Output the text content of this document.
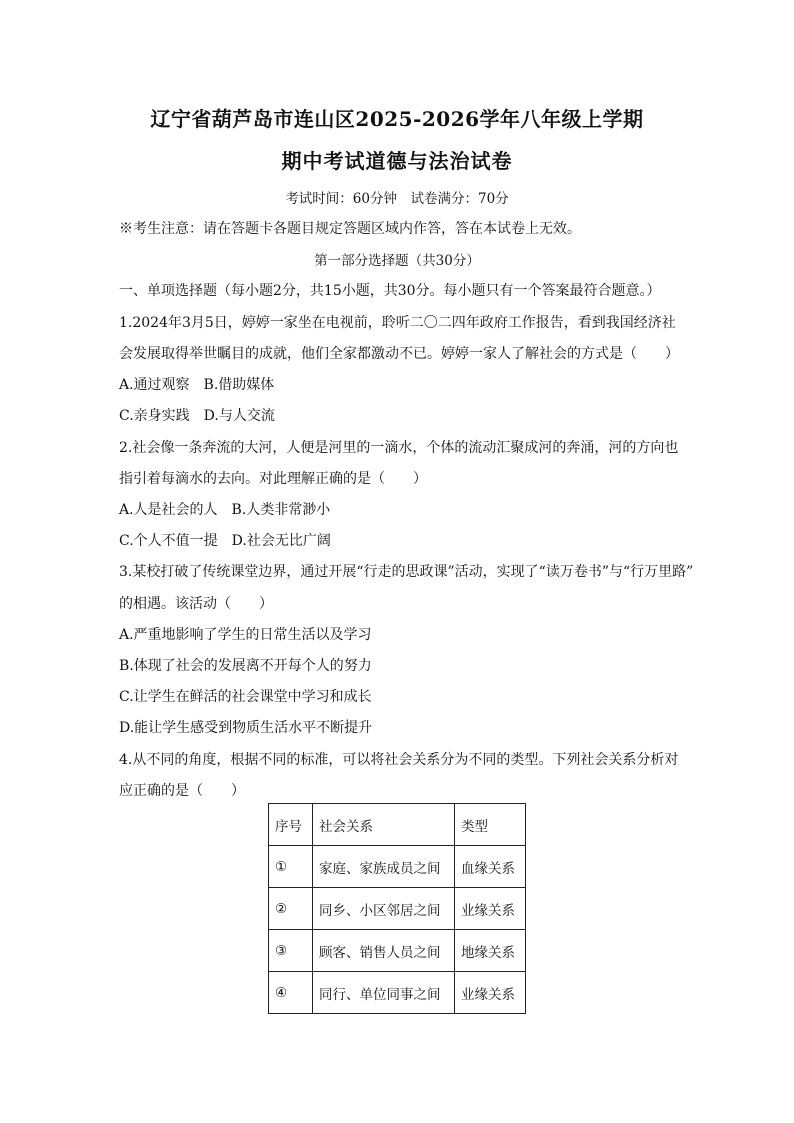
辽宁省葫芦岛市连山区2025-2026学年八年级上学期
期中考试道德与法治试卷
考试时间：60分钟　试卷满分：70分
※考生注意：请在答题卡各题目规定答题区域内作答，答在本试卷上无效。
第一部分选择题（共30分）
一、单项选择题（每小题2分，共15小题，共30分。每小题只有一个答案最符合题意。）
1.2024年3月5日，婷婷一家坐在电视前，聆听二〇二四年政府工作报告，看到我国经济社
会发展取得举世瞩目的成就，他们全家都激动不已。婷婷一家人了解社会的方式是（　　）
A.通过观察　B.借助媒体
C.亲身实践　D.与人交流
2.社会像一条奔流的大河，人便是河里的一滴水，个体的流动汇聚成河的奔涌，河的方向也
指引着每滴水的去向。对此理解正确的是（　　）
A.人是社会的人　B.人类非常渺小
C.个人不值一提　D.社会无比广阔
3.某校打破了传统课堂边界，通过开展“行走的思政课”活动，实现了“读万卷书”与“行万里路”
的相遇。该活动（　　）
A.严重地影响了学生的日常生活以及学习
B.体现了社会的发展离不开每个人的努力
C.让学生在鲜活的社会课堂中学习和成长
D.能让学生感受到物质生活水平不断提升
4.从不同的角度，根据不同的标准，可以将社会关系分为不同的类型。下列社会关系分析对
应正确的是（　　）
序号	社会关系	类型
①	家庭、家族成员之间	血缘关系
②	同乡、小区邻居之间	业缘关系
③	顾客、销售人员之间	地缘关系
④	同行、单位同事之间	业缘关系
